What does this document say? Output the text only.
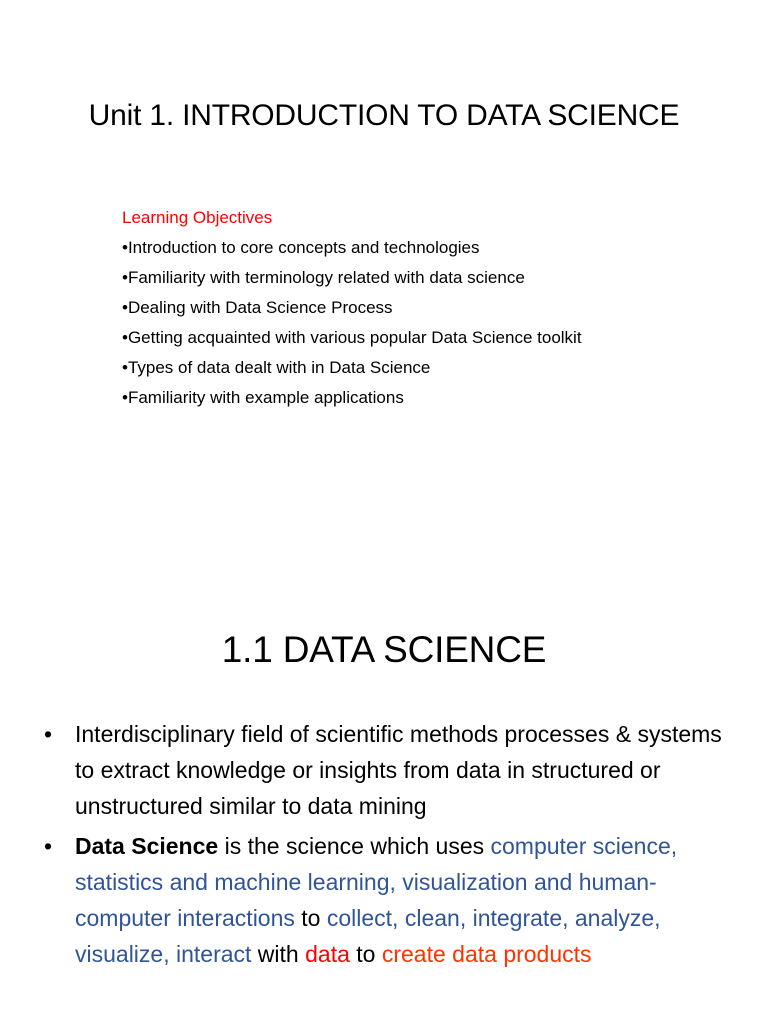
Unit 1. INTRODUCTION TO DATA SCIENCE
Learning Objectives
•Introduction to core concepts and technologies
•Familiarity with terminology related with data science
•Dealing with Data Science Process
•Getting acquainted with various popular Data Science toolkit
•Types of data dealt with in Data Science
•Familiarity with example applications
1.1 DATA SCIENCE
• Interdisciplinary field of scientific methods processes & systems to extract knowledge or insights from data in structured or unstructured similar to data mining
• Data Science is the science which uses computer science, statistics and machine learning, visualization and human-computer interactions to collect, clean, integrate, analyze, visualize, interact with data to create data products
